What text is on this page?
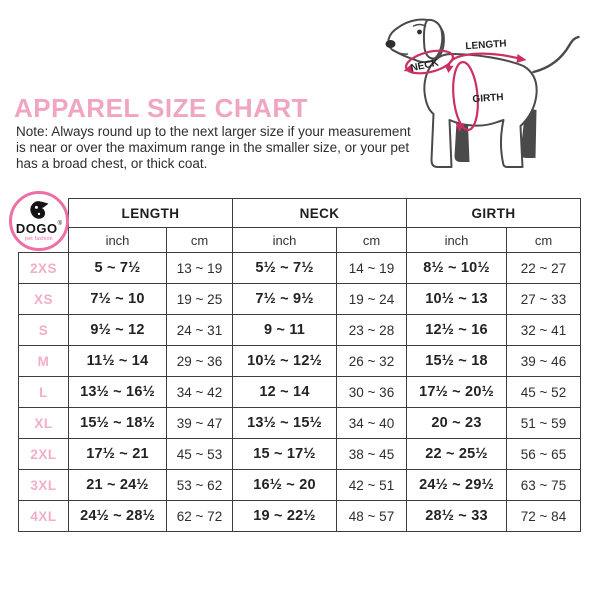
APPAREL SIZE CHART
Note: Always round up to the next larger size if your measurement
is near or over the maximum range in the smaller size, or your pet
has a broad chest, or thick coat.
NECK
LENGTH
GIRTH
DOGO ®
pet fashion
	LENGTH		NECK		GIRTH	
	inch	cm	inch	cm	inch	cm
2XS	5 ~ 7½	13 ~ 19	5½ ~ 7½	14 ~ 19	8½ ~ 10½	22 ~ 27
XS	7½ ~ 10	19 ~ 25	7½ ~ 9½	19 ~ 24	10½ ~ 13	27 ~ 33
S	9½ ~ 12	24 ~ 31	9 ~ 11	23 ~ 28	12½ ~ 16	32 ~ 41
M	11½ ~ 14	29 ~ 36	10½ ~ 12½	26 ~ 32	15½ ~ 18	39 ~ 46
L	13½ ~ 16½	34 ~ 42	12 ~ 14	30 ~ 36	17½ ~ 20½	45 ~ 52
XL	15½ ~ 18½	39 ~ 47	13½ ~ 15½	34 ~ 40	20 ~ 23	51 ~ 59
2XL	17½ ~ 21	45 ~ 53	15 ~ 17½	38 ~ 45	22 ~ 25½	56 ~ 65
3XL	21 ~ 24½	53 ~ 62	16½ ~ 20	42 ~ 51	24½ ~ 29½	63 ~ 75
4XL	24½ ~ 28½	62 ~ 72	19 ~ 22½	48 ~ 57	28½ ~ 33	72 ~ 84
